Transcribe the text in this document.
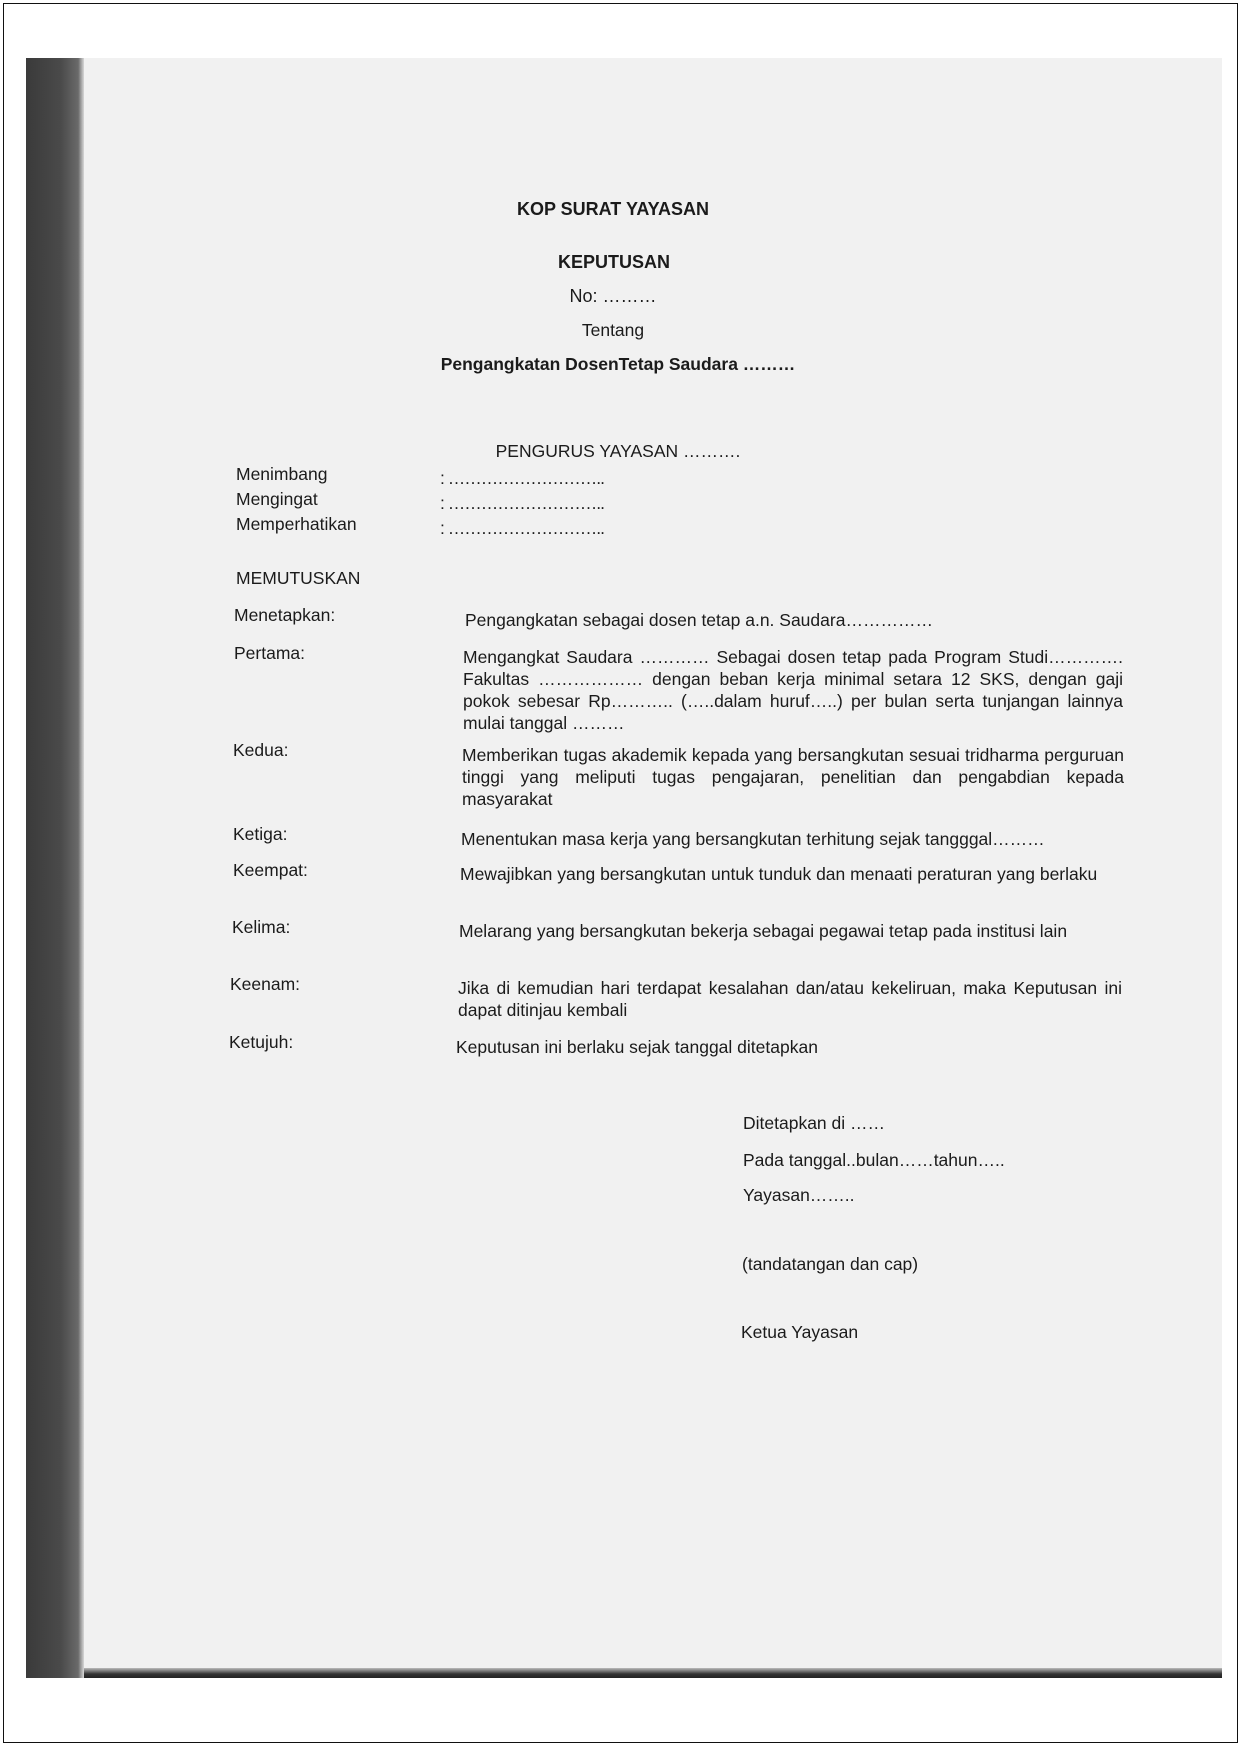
KOP SURAT YAYASAN
KEPUTUSAN
No: ………
Tentang
Pengangkatan DosenTetap Saudara ………
PENGURUS YAYASAN ……….
Menimbang	: ………………………..
Mengingat	: ………………………..
Memperhatikan	: ………………………..
MEMUTUSKAN
Menetapkan:	Pengangkatan sebagai dosen tetap a.n. Saudara……………
Pertama:	Mengangkat Saudara ………… Sebagai dosen tetap pada Program Studi…………. Fakultas ……………… dengan beban kerja minimal setara 12 SKS, dengan gaji pokok sebesar Rp……….. (…..dalam huruf…..) per bulan serta tunjangan lainnya mulai tanggal ………
Kedua:	Memberikan tugas akademik kepada yang bersangkutan sesuai tridharma perguruan tinggi yang meliputi tugas pengajaran, penelitian dan pengabdian kepada masyarakat
Ketiga:	Menentukan masa kerja yang bersangkutan terhitung sejak tangggal………
Keempat:	Mewajibkan yang bersangkutan untuk tunduk dan menaati peraturan yang berlaku
Kelima:	Melarang yang bersangkutan bekerja sebagai pegawai tetap pada institusi lain
Keenam:	Jika di kemudian hari terdapat kesalahan dan/atau kekeliruan, maka Keputusan ini dapat ditinjau kembali
Ketujuh:	Keputusan ini berlaku sejak tanggal ditetapkan
Ditetapkan di ……
Pada tanggal..bulan……tahun…..
Yayasan……..
(tandatangan dan cap)
Ketua Yayasan
